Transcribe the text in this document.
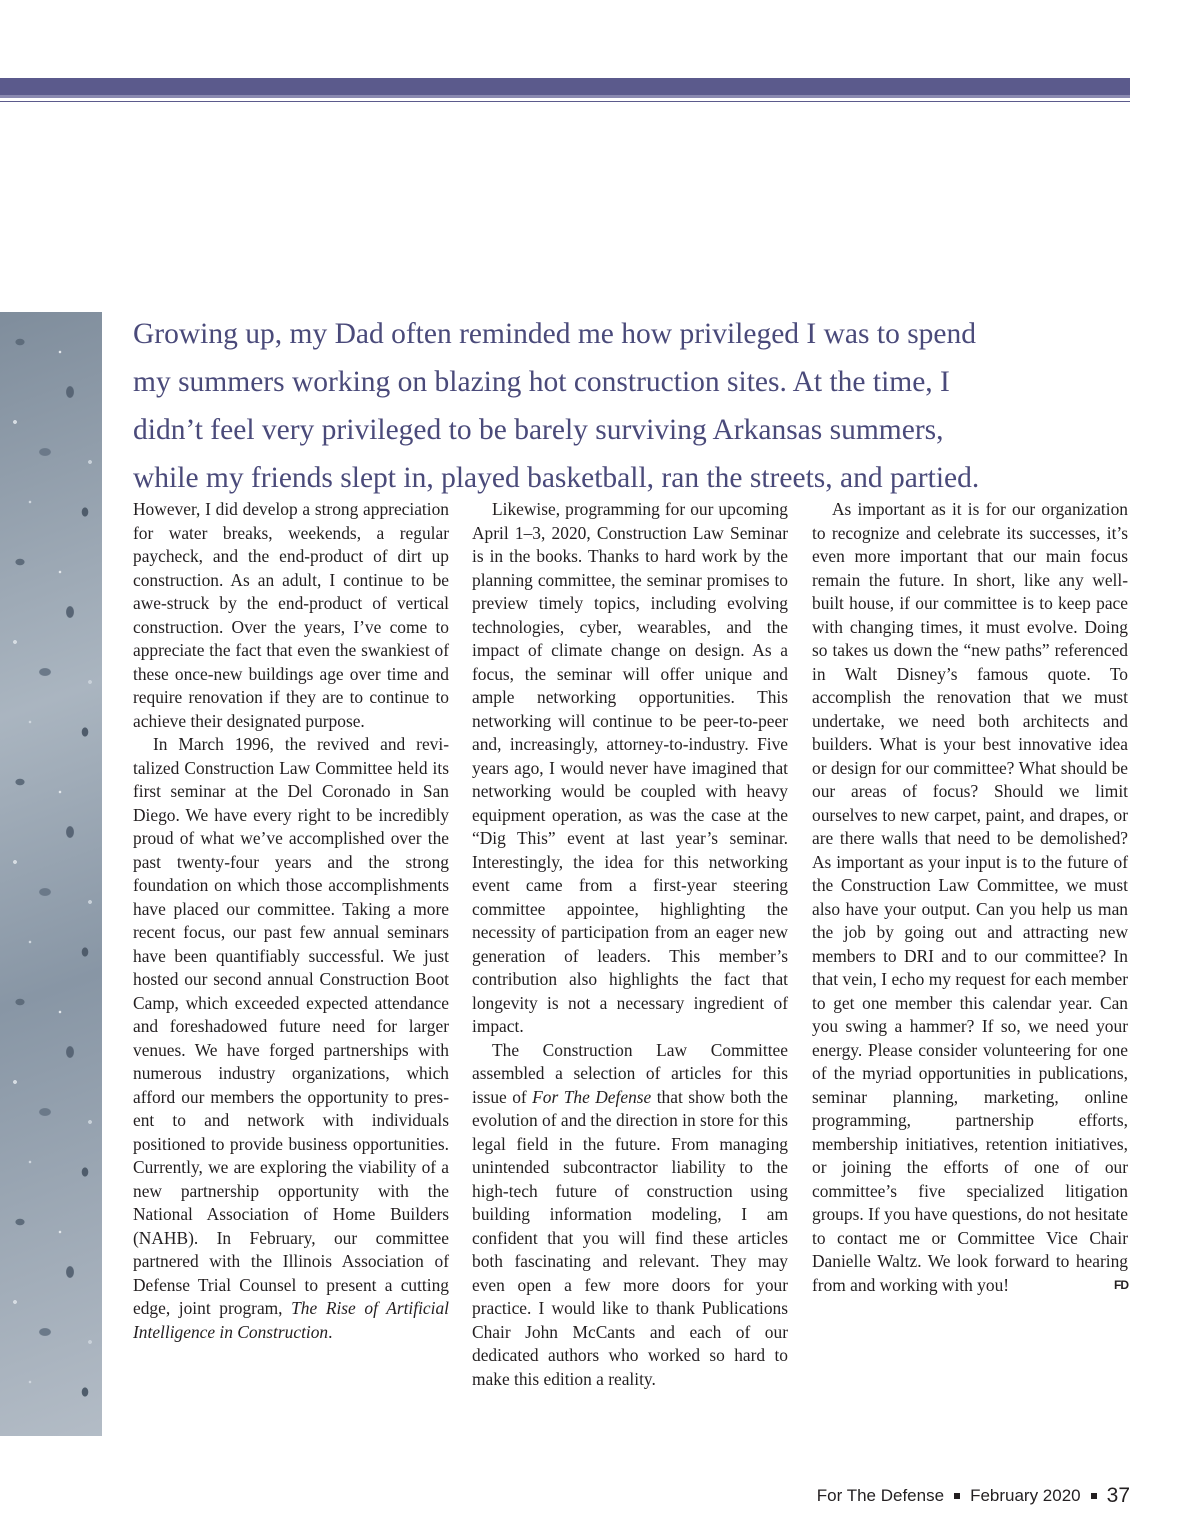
Growing up, my Dad often reminded me how privileged I was to spend
my summers working on blazing hot construction sites. At the time, I
didn’t feel very privileged to be barely surviving Arkansas summers,
while my friends slept in, played basketball, ran the streets, and partied.

However, I did develop a strong appreciation for water breaks, weekends, a regular paycheck, and the end-product of dirt up construction. As an adult, I continue to be awe-struck by the end-product of vertical construction. Over the years, I’ve come to appreciate the fact that even the swankiest of these once-new buildings age over time and require renovation if they are to continue to achieve their designated purpose.

In March 1996, the revived and revitalized Construction Law Committee held its first seminar at the Del Coronado in San Diego. We have every right to be incredibly proud of what we’ve accomplished over the past twenty-four years and the strong foundation on which those accomplishments have placed our committee. Taking a more recent focus, our past few annual seminars have been quantifiably successful. We just hosted our second annual Construction Boot Camp, which exceeded expected attendance and foreshadowed future need for larger venues. We have forged partnerships with numerous industry organizations, which afford our members the opportunity to present to and network with individuals positioned to provide business opportunities. Currently, we are exploring the viability of a new partnership opportunity with the National Association of Home Builders (NAHB). In February, our committee partnered with the Illinois Association of Defense Trial Counsel to present a cutting edge, joint program, The Rise of Artificial Intelligence in Construction.

Likewise, programming for our upcoming April 1–3, 2020, Construction Law Seminar is in the books. Thanks to hard work by the planning committee, the seminar promises to preview timely topics, including evolving technologies, cyber, wearables, and the impact of climate change on design. As a focus, the seminar will offer unique and ample networking opportunities. This networking will continue to be peer-to-peer and, increasingly, attorney-to-industry. Five years ago, I would never have imagined that networking would be coupled with heavy equipment operation, as was the case at the “Dig This” event at last year’s seminar. Interestingly, the idea for this networking event came from a first-year steering committee appointee, highlighting the necessity of participation from an eager new generation of leaders. This member’s contribution also highlights the fact that longevity is not a necessary ingredient of impact.

The Construction Law Committee assembled a selection of articles for this issue of For The Defense that show both the evolution of and the direction in store for this legal field in the future. From managing unintended subcontractor liability to the high-tech future of construction using building information modeling, I am confident that you will find these articles both fascinating and relevant. They may even open a few more doors for your practice. I would like to thank Publications Chair John McCants and each of our dedicated authors who worked so hard to make this edition a reality.

As important as it is for our organization to recognize and celebrate its successes, it’s even more important that our main focus remain the future. In short, like any well-built house, if our committee is to keep pace with changing times, it must evolve. Doing so takes us down the “new paths” referenced in Walt Disney’s famous quote. To accomplish the renovation that we must undertake, we need both architects and builders. What is your best innovative idea or design for our committee? What should be our areas of focus? Should we limit ourselves to new carpet, paint, and drapes, or are there walls that need to be demolished? As important as your input is to the future of the Construction Law Committee, we must also have your output. Can you help us man the job by going out and attracting new members to DRI and to our committee? In that vein, I echo my request for each member to get one member this calendar year. Can you swing a hammer? If so, we need your energy. Please consider volunteering for one of the myriad opportunities in publications, seminar planning, marketing, online programming, partnership efforts, membership initiatives, retention initiatives, or joining the efforts of one of our committee’s five specialized litigation groups. If you have questions, do not hesitate to contact me or Committee Vice Chair Danielle Waltz. We look forward to hearing from and working with you!	FD

For The Defense February 2020 37
